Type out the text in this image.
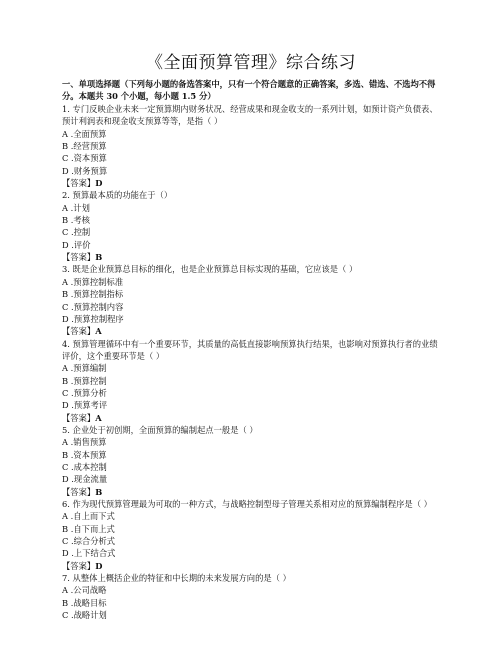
《全面预算管理》综合练习
一、单项选择题（下列每小题的备选答案中，只有一个符合题意的正确答案，多选、错选、不选均不得分。本题共 30 个小题，每小题 1.5 分）

1. 专门反映企业未来一定预算期内财务状况、经营成果和现金收支的一系列计划，如预计资产负债表、预计利润表和现金收支预算等等，是指（ ）

A .全面预算

B .经营预算

C .资本预算

D .财务预算

【答案】D

2. 预算最本质的功能在于（）

A .计划

B .考核

C .控制

D .评价

【答案】B

3. 既是企业预算总目标的细化，也是企业预算总目标实现的基础，它应该是（ ）

A .预算控制标准

B .预算控制指标

C .预算控制内容

D .预算控制程序

【答案】A

4. 预算管理循环中有一个重要环节，其质量的高低直接影响预算执行结果，也影响对预算执行者的业绩评价，这个重要环节是（ ）

A .预算编制

B .预算控制

C .预算分析

D .预算考评

【答案】A

5. 企业处于初创期，全面预算的编制起点一般是（ ）

A .销售预算

B .资本预算

C .成本控制

D .现金流量

【答案】B

6. 作为现代预算管理最为可取的一种方式，与战略控制型母子管理关系相对应的预算编制程序是（ ）

A .自上而下式

B .自下而上式

C .综合分析式

D .上下结合式

【答案】D

7. 从整体上概括企业的特征和中长期的未来发展方向的是（ ）

A .公司战略

B .战略目标

C .战略计划
